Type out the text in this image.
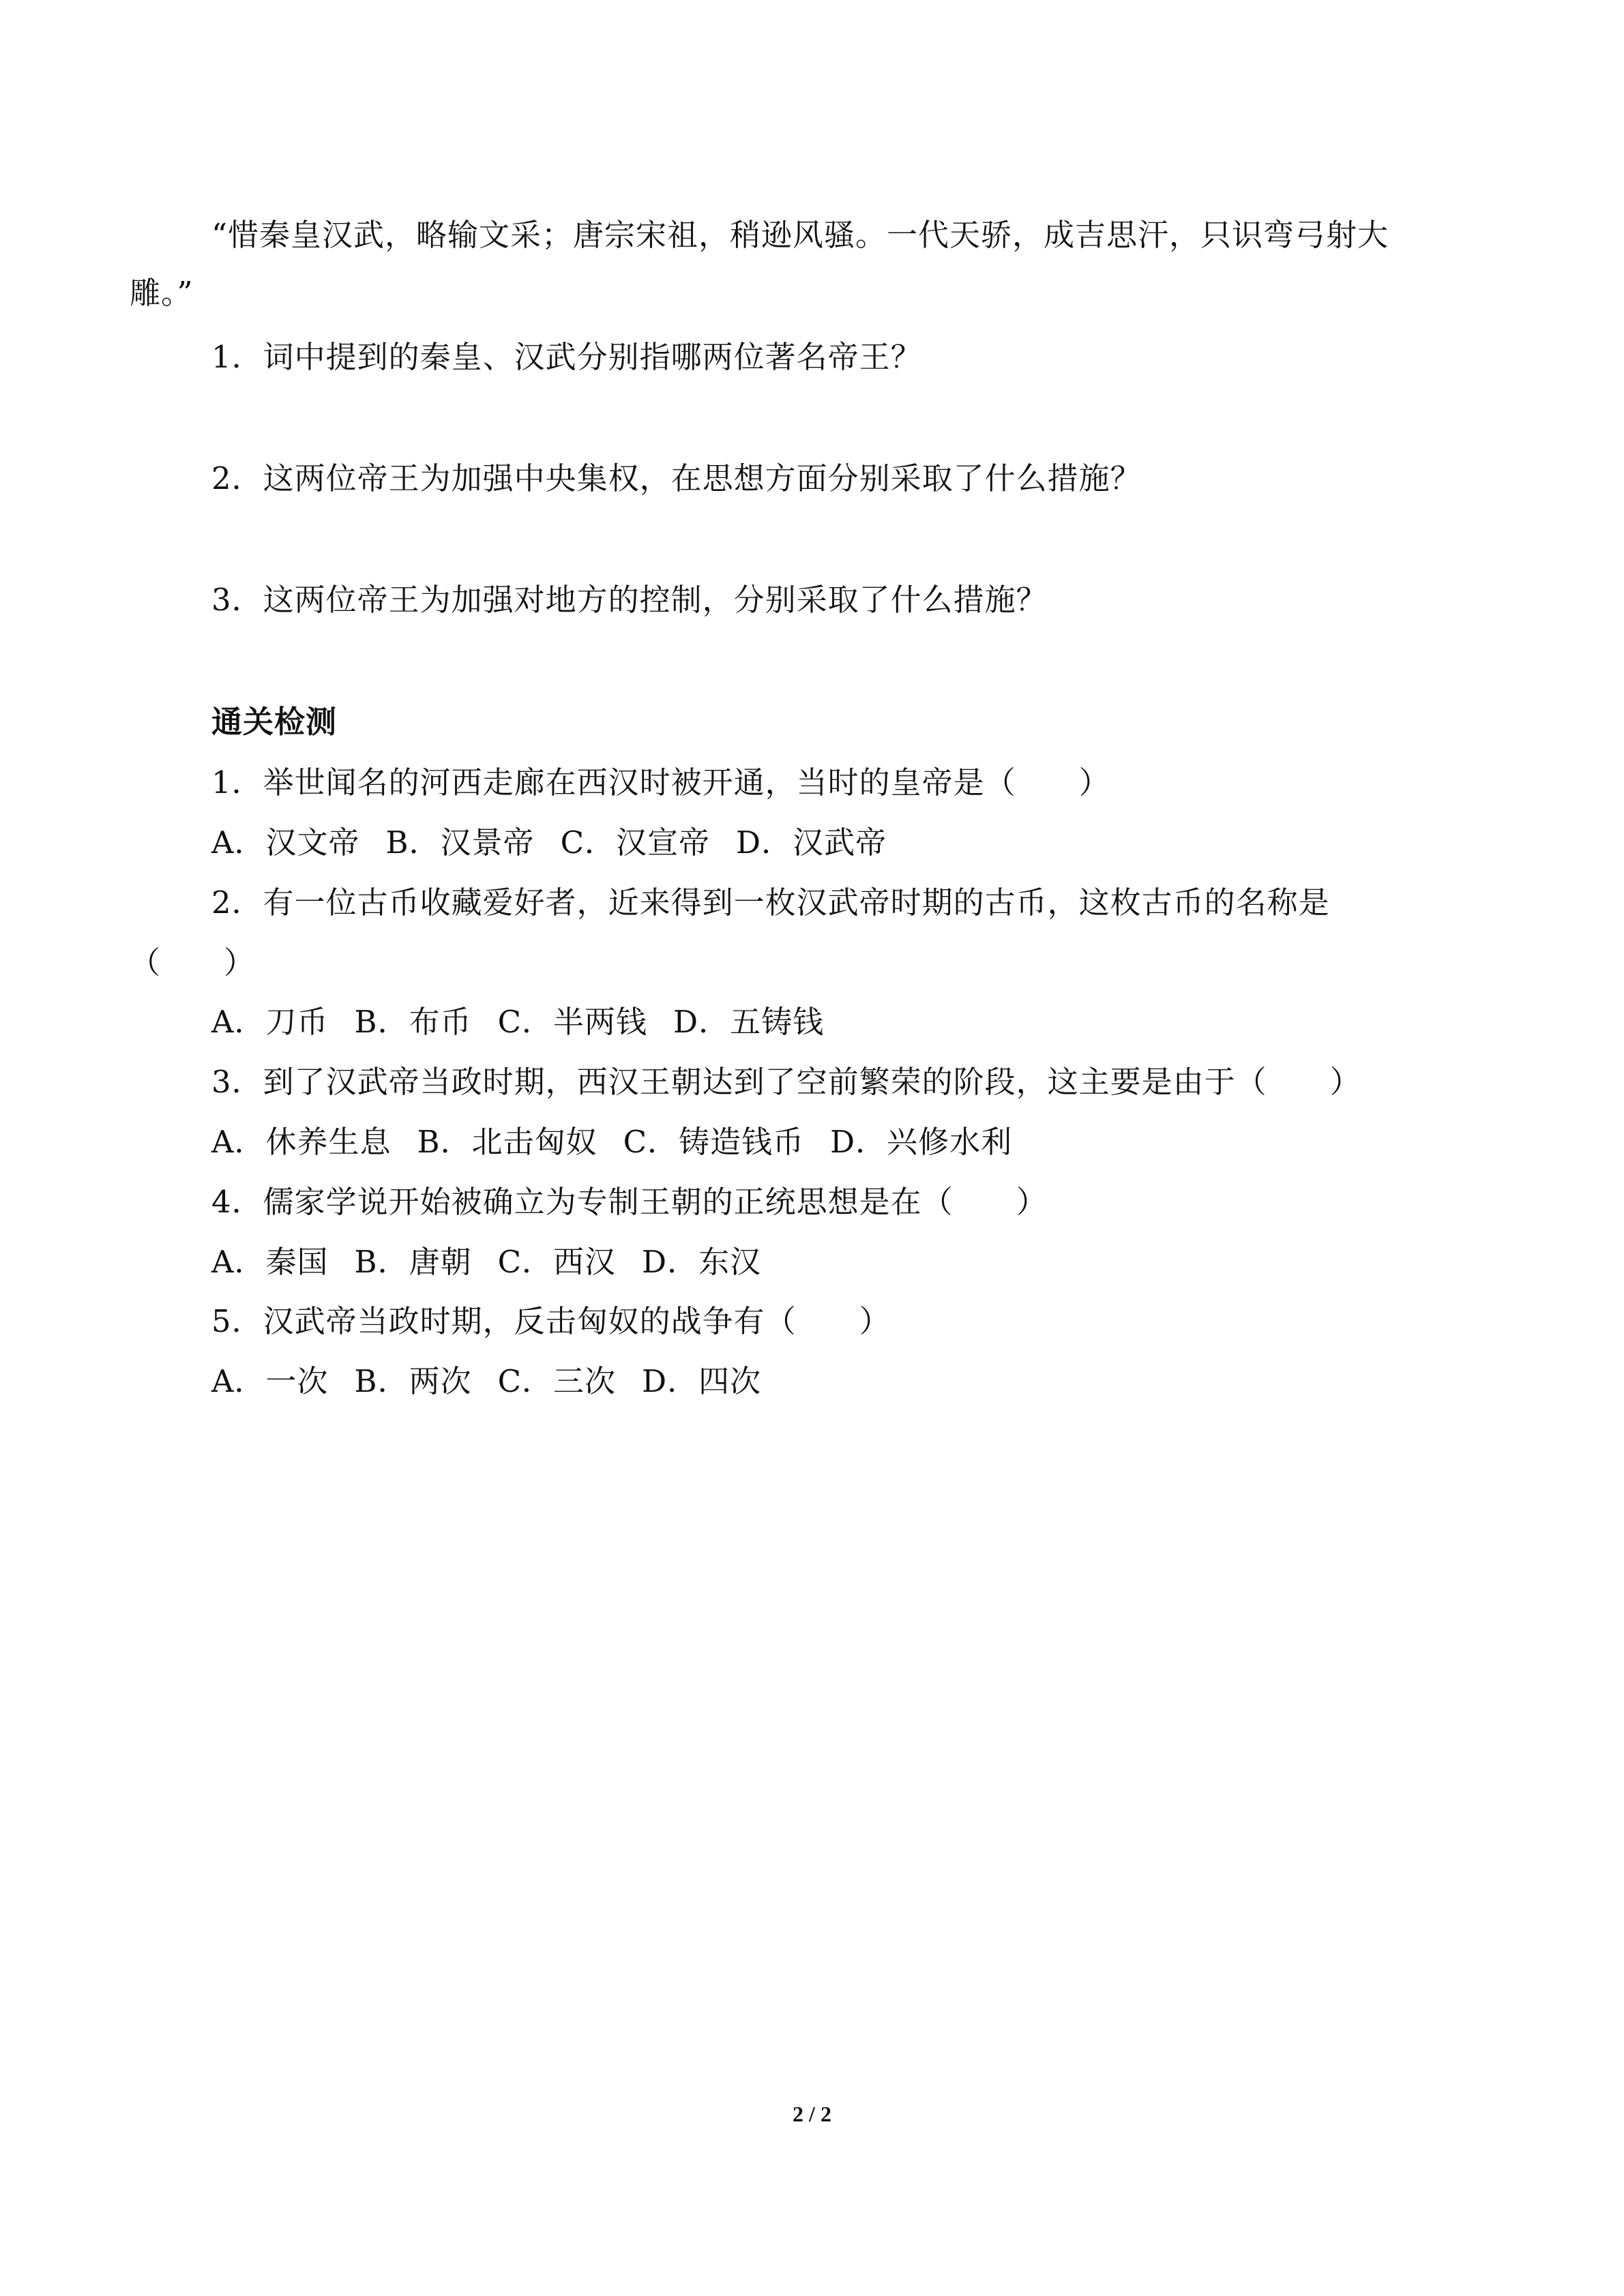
“惜秦皇汉武，略输文采；唐宗宋祖，稍逊风骚。一代天骄，成吉思汗，只识弯弓射大
雕。”
1．词中提到的秦皇、汉武分别指哪两位著名帝王？
2．这两位帝王为加强中央集权，在思想方面分别采取了什么措施？
3．这两位帝王为加强对地方的控制，分别采取了什么措施？
通关检测
1．举世闻名的河西走廊在西汉时被开通，当时的皇帝是（　　）
A．汉文帝 B．汉景帝 C．汉宣帝 D．汉武帝
2．有一位古币收藏爱好者，近来得到一枚汉武帝时期的古币，这枚古币的名称是
（　　）
A．刀币 B．布币 C．半两钱 D．五铸钱
3．到了汉武帝当政时期，西汉王朝达到了空前繁荣的阶段，这主要是由于（　　）
A．休养生息 B．北击匈奴 C．铸造钱币 D．兴修水利
4．儒家学说开始被确立为专制王朝的正统思想是在（　　）
A．秦国 B．唐朝 C．西汉 D．东汉
5．汉武帝当政时期，反击匈奴的战争有（　　）
A．一次 B．两次 C．三次 D．四次
2 / 2
